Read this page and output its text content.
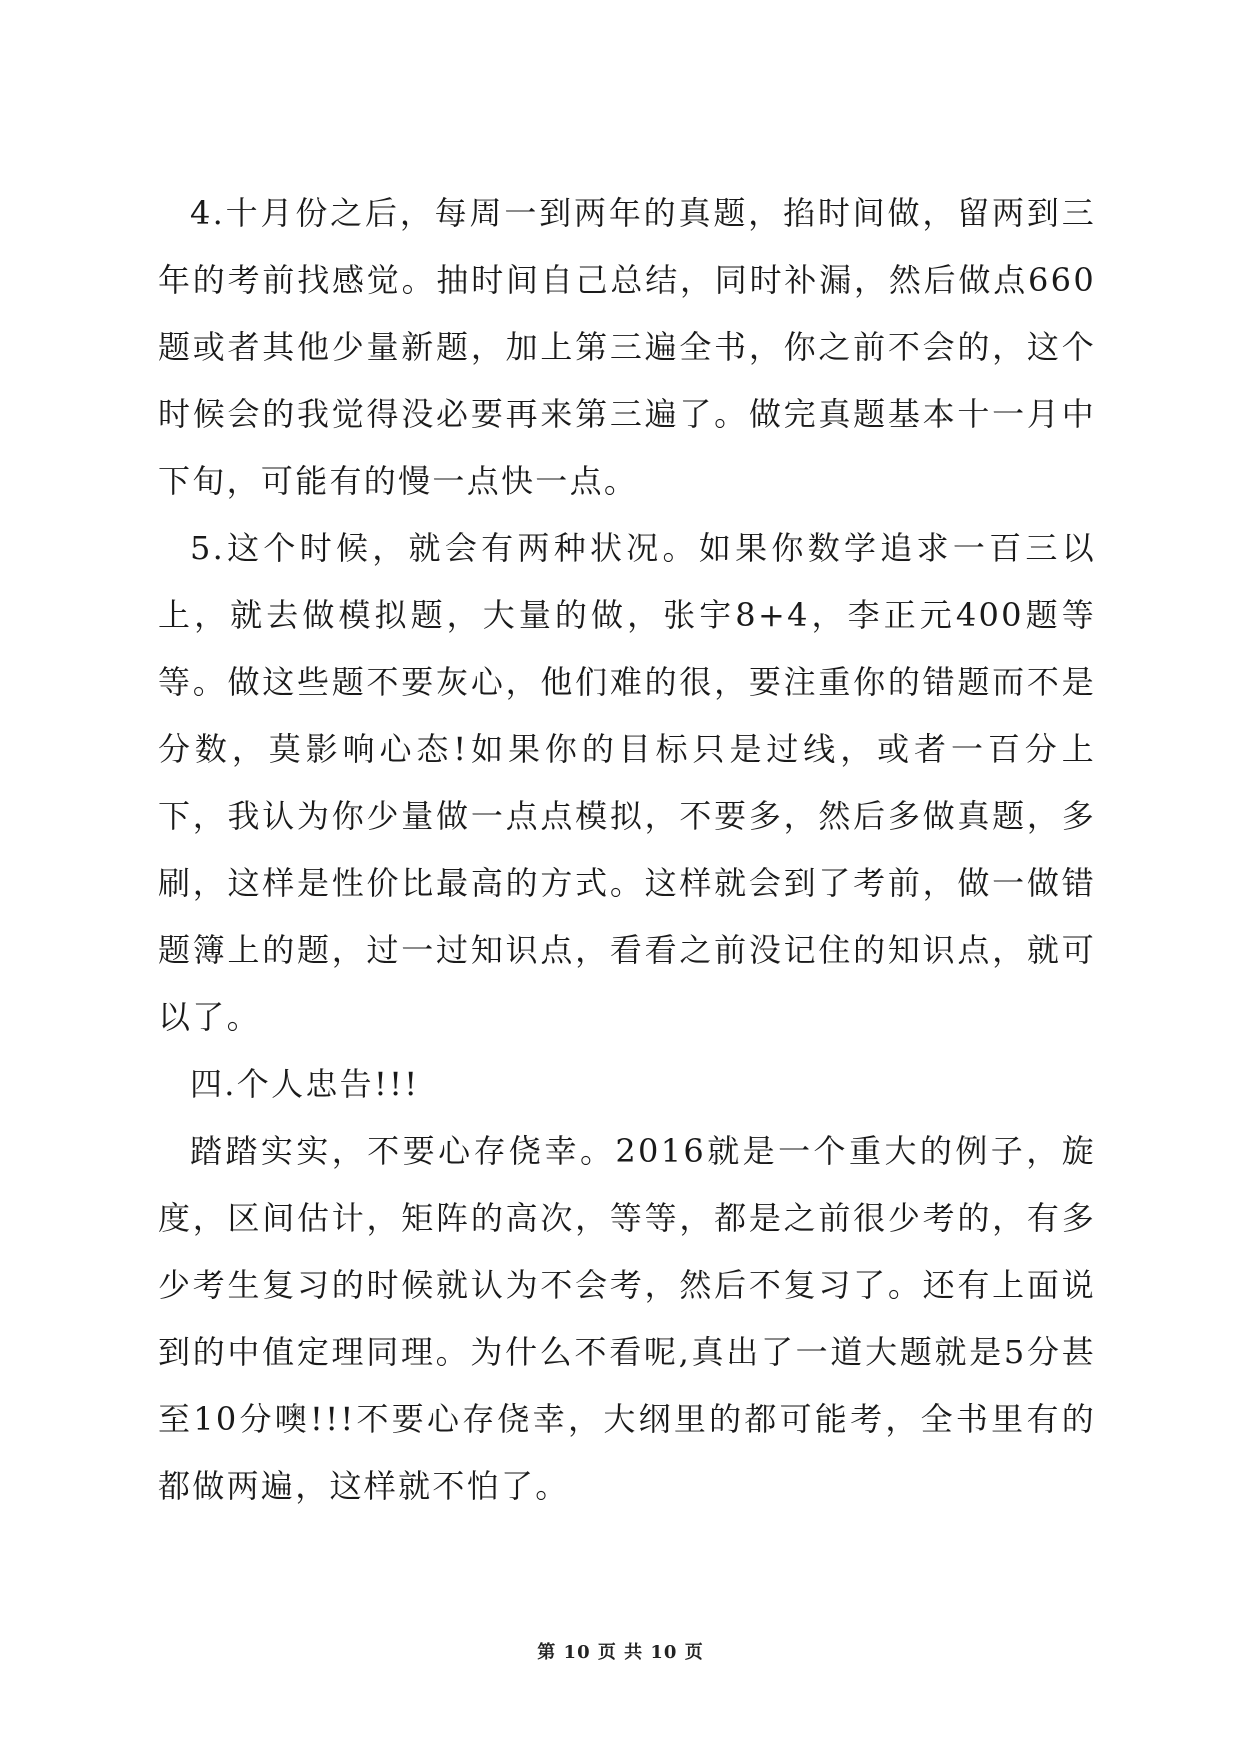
4.十月份之后，每周一到两年的真题，掐时间做，留两到三年的考前找感觉。抽时间自己总结，同时补漏，然后做点660题或者其他少量新题，加上第三遍全书，你之前不会的，这个时候会的我觉得没必要再来第三遍了。做完真题基本十一月中下旬，可能有的慢一点快一点。

5.这个时候，就会有两种状况。如果你数学追求一百三以上，就去做模拟题，大量的做，张宇8+4，李正元400题等等。做这些题不要灰心，他们难的很，要注重你的错题而不是分数，莫影响心态!如果你的目标只是过线，或者一百分上下，我认为你少量做一点点模拟，不要多，然后多做真题，多刷，这样是性价比最高的方式。这样就会到了考前，做一做错题簿上的题，过一过知识点，看看之前没记住的知识点，就可以了。

四.个人忠告!!!

踏踏实实，不要心存侥幸。2016就是一个重大的例子，旋度，区间估计，矩阵的高次，等等，都是之前很少考的，有多少考生复习的时候就认为不会考，然后不复习了。还有上面说到的中值定理同理。为什么不看呢,真出了一道大题就是5分甚至10分噢!!!不要心存侥幸，大纲里的都可能考，全书里有的都做两遍，这样就不怕了。

第 10 页 共 10 页
